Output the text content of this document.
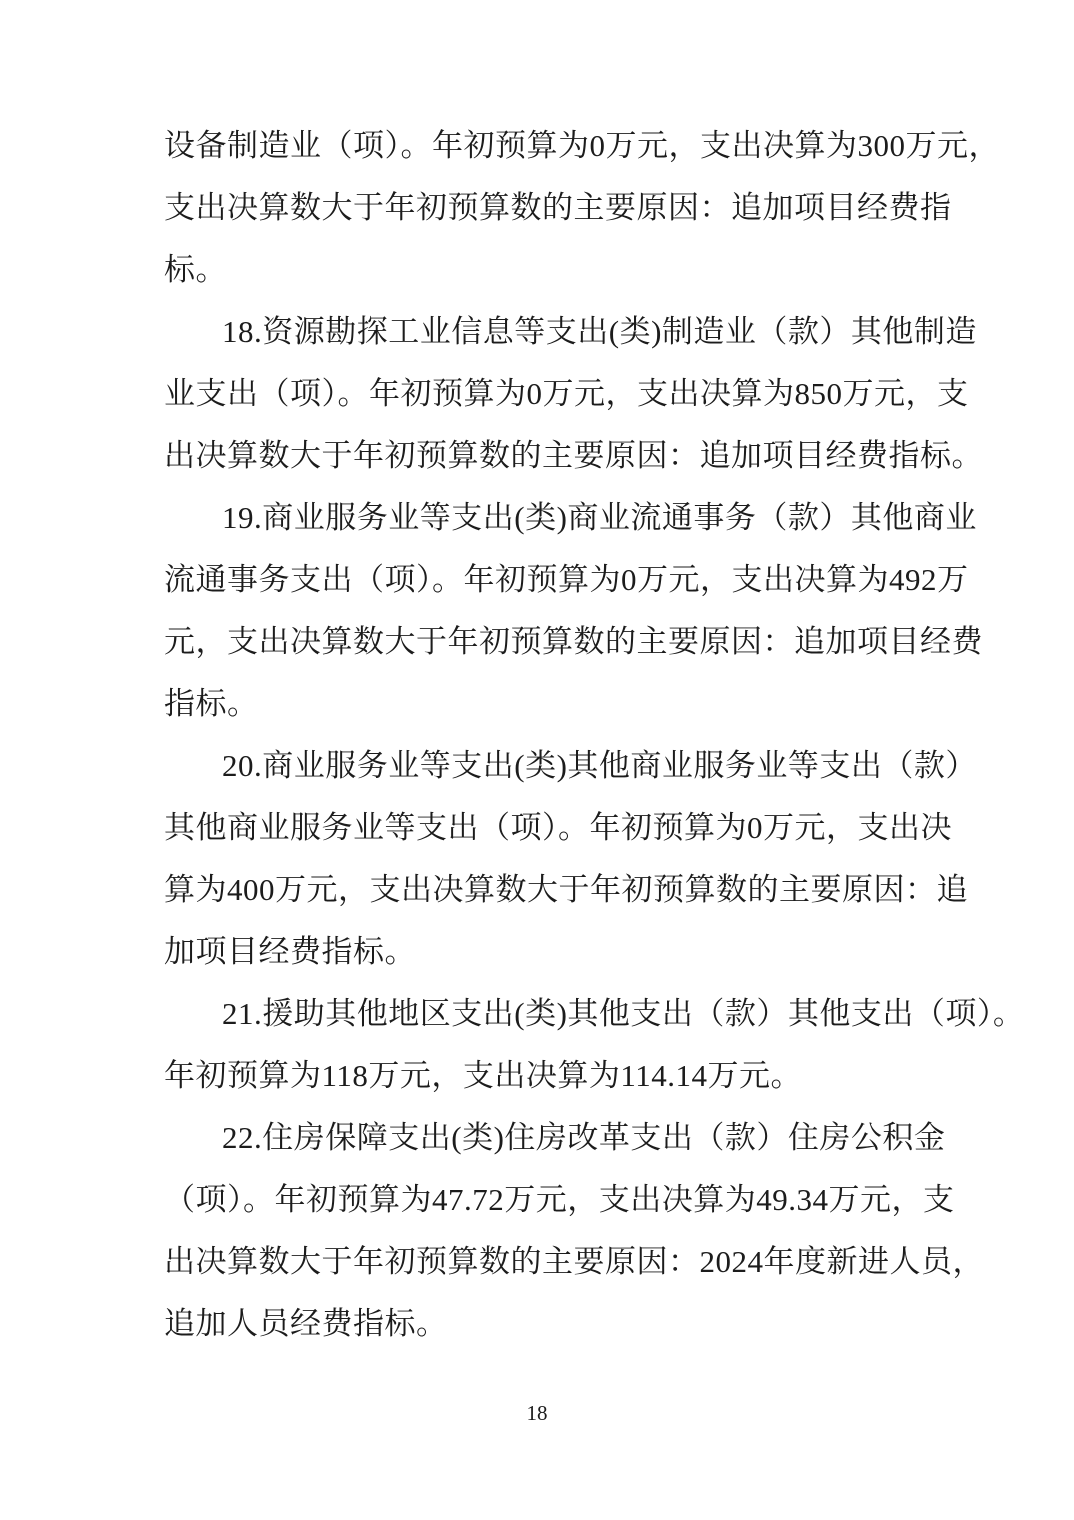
设备制造业（项）。年初预算为0万元，支出决算为300万元，
支出决算数大于年初预算数的主要原因：追加项目经费指
标。
18.资源勘探工业信息等支出(类)制造业（款）其他制造
业支出（项）。年初预算为0万元，支出决算为850万元，支
出决算数大于年初预算数的主要原因：追加项目经费指标。
19.商业服务业等支出(类)商业流通事务（款）其他商业
流通事务支出（项）。年初预算为0万元，支出决算为492万
元，支出决算数大于年初预算数的主要原因：追加项目经费
指标。
20.商业服务业等支出(类)其他商业服务业等支出（款）
其他商业服务业等支出（项）。年初预算为0万元，支出决
算为400万元，支出决算数大于年初预算数的主要原因：追
加项目经费指标。
21.援助其他地区支出(类)其他支出（款）其他支出（项）。
年初预算为118万元，支出决算为114.14万元。
22.住房保障支出(类)住房改革支出（款）住房公积金
（项）。年初预算为47.72万元，支出决算为49.34万元，支
出决算数大于年初预算数的主要原因：2024年度新进人员，
追加人员经费指标。
18
